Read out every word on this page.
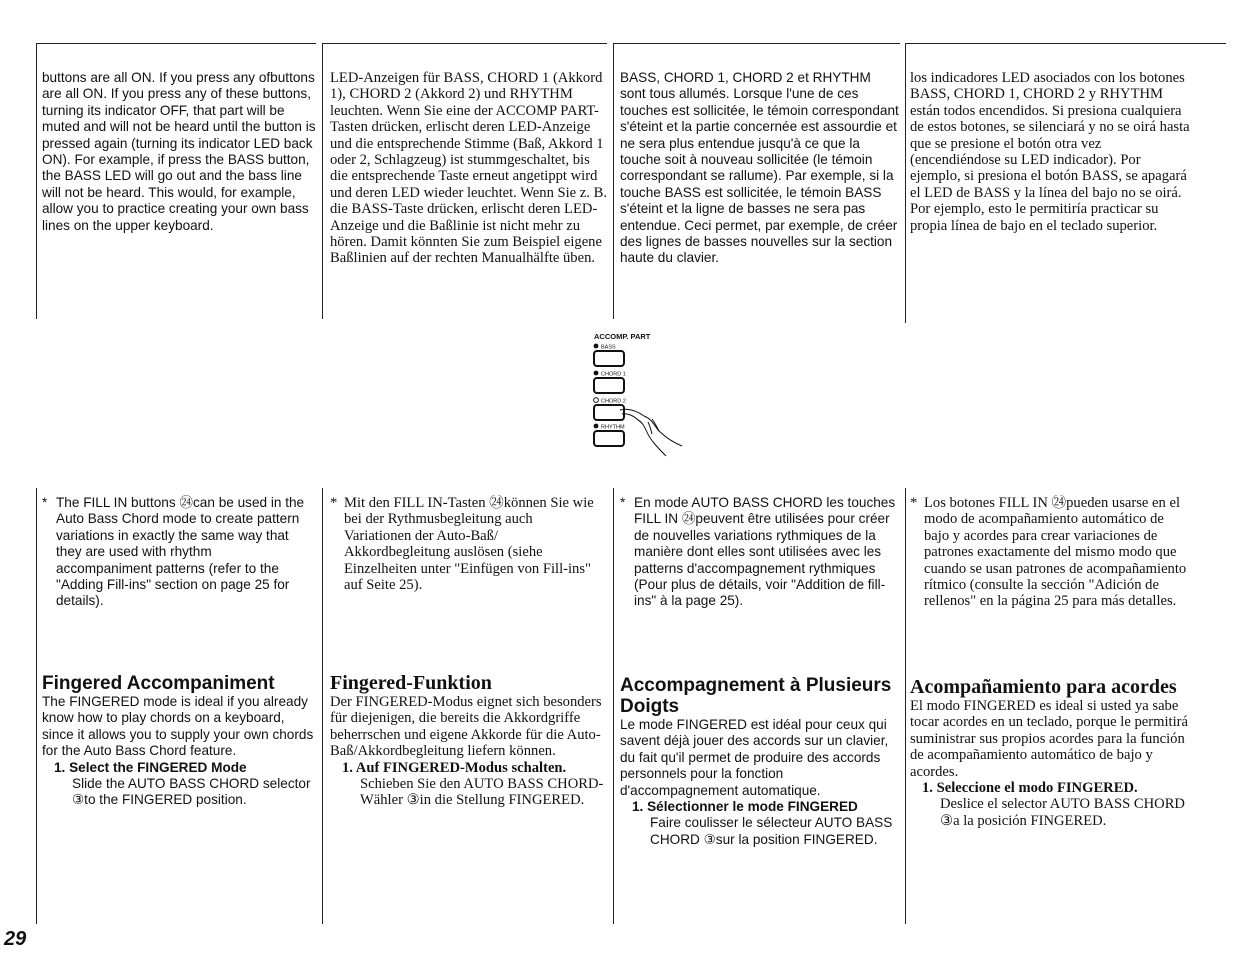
buttons are all ON. If you press any ofbuttons are all ON. If you press any of these buttons, turning its indicator OFF, that part will be muted and will not be heard until the button is pressed again (turning its indicator LED back ON). For example, if press the BASS button, the BASS LED will go out and the bass line will not be heard. This would, for example, allow you to practice creating your own bass lines on the upper keyboard.

LED-Anzeigen für BASS, CHORD 1 (Akkord 1), CHORD 2 (Akkord 2) und RHYTHM leuchten. Wenn Sie eine der ACCOMP PART-Tasten drücken, erlischt deren LED-Anzeige und die entsprechende Stimme (Baß, Akkord 1 oder 2, Schlagzeug) ist stummgeschaltet, bis die entsprechende Taste erneut angetippt wird und deren LED wieder leuchtet. Wenn Sie z. B. die BASS-Taste drücken, erlischt deren LED-Anzeige und die Baßlinie ist nicht mehr zu hören. Damit könnten Sie zum Beispiel eigene Baßlinien auf der rechten Manualhälfte üben.

BASS, CHORD 1, CHORD 2 et RHYTHM sont tous allumés. Lorsque l'une de ces touches est sollicitée, le témoin correspondant s'éteint et la partie concernée est assourdie et ne sera plus entendue jusqu'à ce que la touche soit à nouveau sollicitée (le témoin correspondant se rallume). Par exemple, si la touche BASS est sollicitée, le témoin BASS s'éteint et la ligne de basses ne sera pas entendue. Ceci permet, par exemple, de créer des lignes de basses nouvelles sur la section haute du clavier.

los indicadores LED asociados con los botones BASS, CHORD 1, CHORD 2 y RHYTHM están todos encendidos. Si presiona cualquiera de estos botones, se silenciará y no se oirá hasta que se presione el botón otra vez (encendiéndose su LED indicador). Por ejemplo, si presiona el botón BASS, se apagará el LED de BASS y la línea del bajo no se oirá. Por ejemplo, esto le permitiría practicar su propia línea de bajo en el teclado superior.

ACCOMP. PART
BASS
CHORD 1
CHORD 2
RHYTHM

* The FILL IN buttons ㉔can be used in the Auto Bass Chord mode to create pattern variations in exactly the same way that they are used with rhythm accompaniment patterns (refer to the "Adding Fill-ins" section on page 25 for details).

* Mit den FILL IN-Tasten ㉔können Sie wie bei der Rythmusbegleitung auch Variationen der Auto-Baß/ Akkordbegleitung auslösen (siehe Einzelheiten unter "Einfügen von Fill-ins" auf Seite 25).

* En mode AUTO BASS CHORD les touches FILL IN ㉔peuvent être utilisées pour créer de nouvelles variations rythmiques de la manière dont elles sont utilisées avec les patterns d'accompagnement rythmiques (Pour plus de détails, voir "Addition de fill-ins" à la page 25).

* Los botones FILL IN ㉔pueden usarse en el modo de acompañamiento automático de bajo y acordes para crear variaciones de patrones exactamente del mismo modo que cuando se usan patrones de acompañamiento rítmico (consulte la sección "Adición de rellenos" en la página 25 para más detalles.

Fingered Accompaniment

The FINGERED mode is ideal if you already know how to play chords on a keyboard, since it allows you to supply your own chords for the Auto Bass Chord feature.

1. Select the FINGERED Mode
Slide the AUTO BASS CHORD selector ③to the FINGERED position.

Fingered-Funktion

Der FINGERED-Modus eignet sich besonders für diejenigen, die bereits die Akkordgriffe beherrschen und eigene Akkorde für die Auto-Baß/Akkordbegleitung liefern können.

1. Auf FINGERED-Modus schalten.
Schieben Sie den AUTO BASS CHORD-Wähler ③in die Stellung FINGERED.

Accompagnement à Plusieurs Doigts

Le mode FINGERED est idéal pour ceux qui savent déjà jouer des accords sur un clavier, du fait qu'il permet de produire des accords personnels pour la fonction d'accompagnement automatique.

1. Sélectionner le mode FINGERED
Faire coulisser le sélecteur AUTO BASS CHORD ③sur la position FINGERED.

Acompañamiento para acordes

El modo FINGERED es ideal si usted ya sabe tocar acordes en un teclado, porque le permitirá suministrar sus propios acordes para la función de acompañamiento automático de bajo y acordes.

1. Seleccione el modo FINGERED.
Deslice el selector AUTO BASS CHORD ③a la posición FINGERED.

29
